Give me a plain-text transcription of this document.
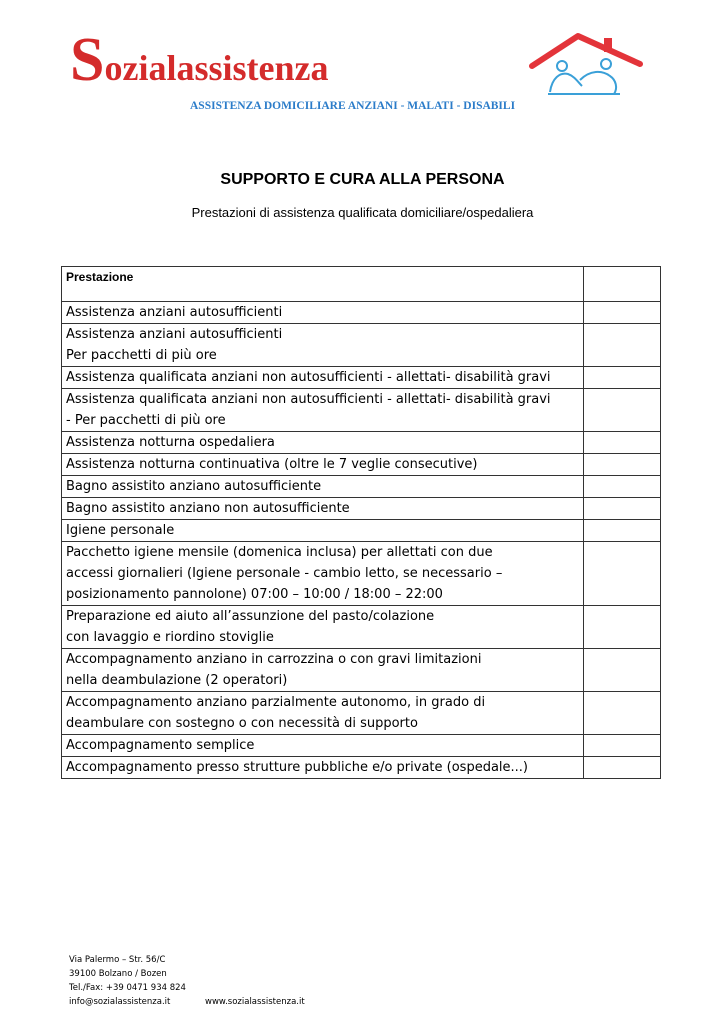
Sozialassistenza
ASSISTENZA DOMICILIARE ANZIANI - MALATI - DISABILI
SUPPORTO E CURA ALLA PERSONA
Prestazioni di assistenza qualificata domiciliare/ospedaliera
Prestazione	
Assistenza anziani autosufficienti	
Assistenza anziani autosufficienti
Per pacchetti di più ore	
Assistenza qualificata anziani non autosufficienti - allettati- disabilità gravi	
Assistenza qualificata anziani non autosufficienti - allettati- disabilità gravi
- Per pacchetti di più ore	
Assistenza notturna ospedaliera	
Assistenza notturna continuativa (oltre le 7 veglie consecutive)	
Bagno assistito anziano autosufficiente	
Bagno assistito anziano non autosufficiente	
Igiene personale	
Pacchetto igiene mensile (domenica inclusa) per allettati con due
accessi giornalieri (Igiene personale - cambio letto, se necessario –
posizionamento pannolone) 07:00 – 10:00 / 18:00 – 22:00	
Preparazione ed aiuto all’assunzione del pasto/colazione
con lavaggio e riordino stoviglie	
Accompagnamento anziano in carrozzina o con gravi limitazioni
nella deambulazione (2 operatori)	
Accompagnamento anziano parzialmente autonomo, in grado di
deambulare con sostegno o con necessità di supporto	
Accompagnamento semplice	
Accompagnamento presso strutture pubbliche e/o private (ospedale...)	
Via Palermo – Str. 56/C
39100 Bolzano / Bozen
Tel./Fax: +39 0471 934 824
info@sozialassistenza.it	www.sozialassistenza.it
